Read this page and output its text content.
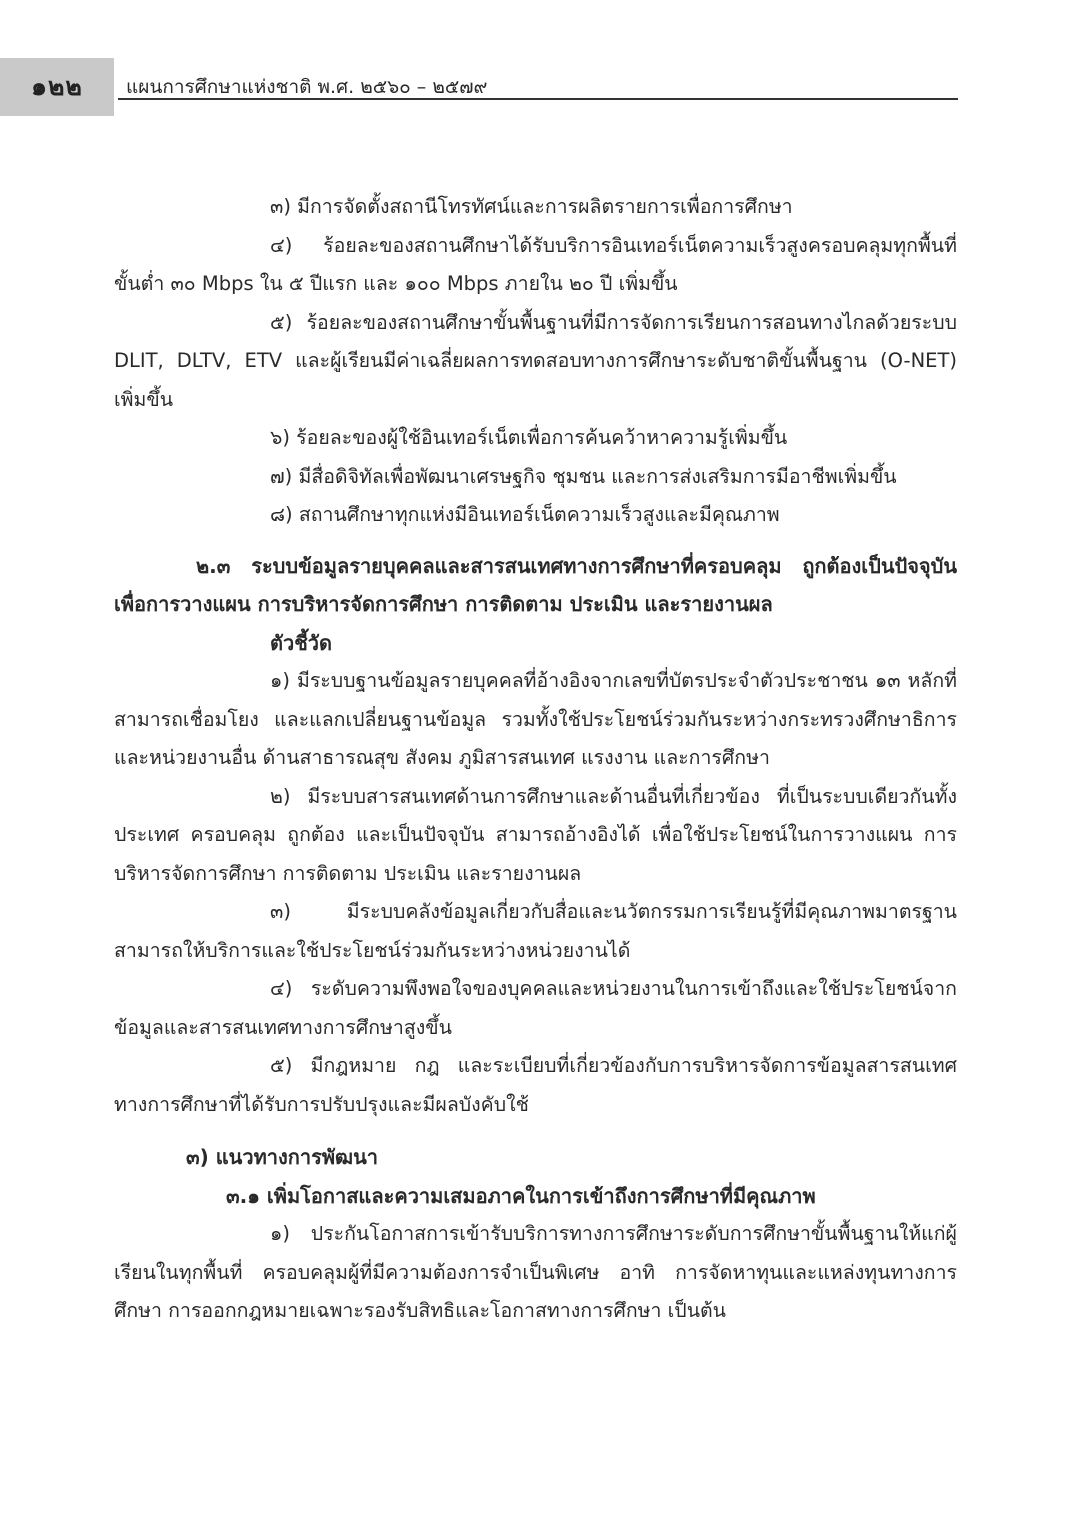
๑๒๒	แผนการศึกษาแห่งชาติ พ.ศ. ๒๕๖๐ – ๒๕๗๙

๓) มีการจัดตั้งสถานีโทรทัศน์และการผลิตรายการเพื่อการศึกษา

๔) ร้อยละของสถานศึกษาได้รับบริการอินเทอร์เน็ตความเร็วสูงครอบคลุมทุกพื้นที่ ขั้นต่ำ ๓๐ Mbps ใน ๕ ปีแรก และ ๑๐๐ Mbps ภายใน ๒๐ ปี เพิ่มขึ้น

๕) ร้อยละของสถานศึกษาขั้นพื้นฐานที่มีการจัดการเรียนการสอนทางไกลด้วยระบบ DLIT, DLTV, ETV และผู้เรียนมีค่าเฉลี่ยผลการทดสอบทางการศึกษาระดับชาติขั้นพื้นฐาน (O-NET) เพิ่มขึ้น

๖) ร้อยละของผู้ใช้อินเทอร์เน็ตเพื่อการค้นคว้าหาความรู้เพิ่มขึ้น

๗) มีสื่อดิจิทัลเพื่อพัฒนาเศรษฐกิจ ชุมชน และการส่งเสริมการมีอาชีพเพิ่มขึ้น

๘) สถานศึกษาทุกแห่งมีอินเทอร์เน็ตความเร็วสูงและมีคุณภาพ

๒.๓ ระบบข้อมูลรายบุคคลและสารสนเทศทางการศึกษาที่ครอบคลุม ถูกต้องเป็นปัจจุบัน เพื่อการวางแผน การบริหารจัดการศึกษา การติดตาม ประเมิน และรายงานผล

ตัวชี้วัด

๑) มีระบบฐานข้อมูลรายบุคคลที่อ้างอิงจากเลขที่บัตรประจำตัวประชาชน ๑๓ หลักที่สามารถเชื่อมโยง และแลกเปลี่ยนฐานข้อมูล รวมทั้งใช้ประโยชน์ร่วมกันระหว่างกระทรวงศึกษาธิการและหน่วยงานอื่น ด้านสาธารณสุข สังคม ภูมิสารสนเทศ แรงงาน และการศึกษา

๒) มีระบบสารสนเทศด้านการศึกษาและด้านอื่นที่เกี่ยวข้อง ที่เป็นระบบเดียวกันทั้งประเทศ ครอบคลุม ถูกต้อง และเป็นปัจจุบัน สามารถอ้างอิงได้ เพื่อใช้ประโยชน์ในการวางแผน การบริหารจัดการศึกษา การติดตาม ประเมิน และรายงานผล

๓) มีระบบคลังข้อมูลเกี่ยวกับสื่อและนวัตกรรมการเรียนรู้ที่มีคุณภาพมาตรฐานสามารถให้บริการและใช้ประโยชน์ร่วมกันระหว่างหน่วยงานได้

๔) ระดับความพึงพอใจของบุคคลและหน่วยงานในการเข้าถึงและใช้ประโยชน์จากข้อมูลและสารสนเทศทางการศึกษาสูงขึ้น

๕) มีกฎหมาย กฎ และระเบียบที่เกี่ยวข้องกับการบริหารจัดการข้อมูลสารสนเทศทางการศึกษาที่ได้รับการปรับปรุงและมีผลบังคับใช้

๓) แนวทางการพัฒนา

๓.๑ เพิ่มโอกาสและความเสมอภาคในการเข้าถึงการศึกษาที่มีคุณภาพ

๑) ประกันโอกาสการเข้ารับบริการทางการศึกษาระดับการศึกษาขั้นพื้นฐานให้แก่ผู้เรียนในทุกพื้นที่ ครอบคลุมผู้ที่มีความต้องการจำเป็นพิเศษ อาทิ การจัดหาทุนและแหล่งทุนทางการศึกษา การออกกฎหมายเฉพาะรองรับสิทธิและโอกาสทางการศึกษา เป็นต้น
